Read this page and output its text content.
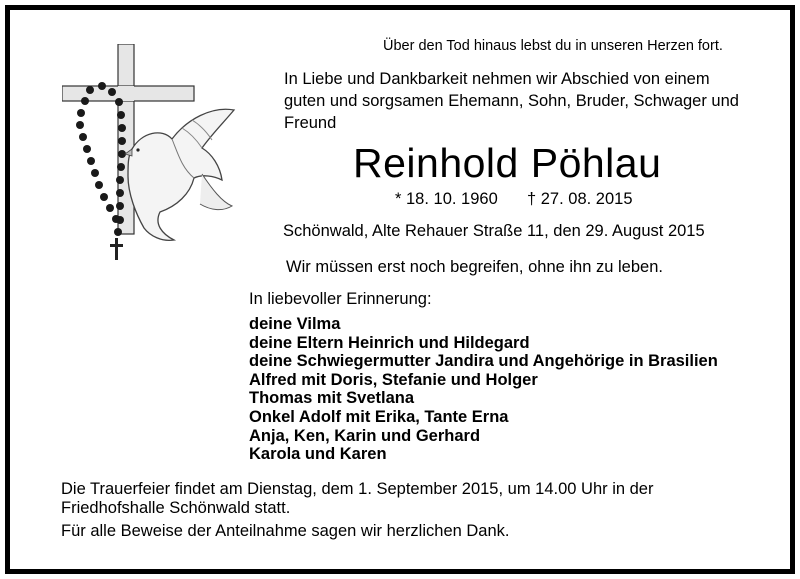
Über den Tod hinaus lebst du in unseren Herzen fort.
In Liebe und Dankbarkeit nehmen wir Abschied von einem guten und sorgsamen Ehemann, Sohn, Bruder, Schwager und Freund
Reinhold Pöhlau
* 18. 10. 1960 † 27. 08. 2015
Schönwald, Alte Rehauer Straße 11, den 29. August 2015
Wir müssen erst noch begreifen, ohne ihn zu leben.
In liebevoller Erinnerung:
deine Vilma
deine Eltern Heinrich und Hildegard
deine Schwiegermutter Jandira und Angehörige in Brasilien
Alfred mit Doris, Stefanie und Holger
Thomas mit Svetlana
Onkel Adolf mit Erika, Tante Erna
Anja, Ken, Karin und Gerhard
Karola und Karen
Die Trauerfeier findet am Dienstag, dem 1. September 2015, um 14.00 Uhr in der Friedhofshalle Schönwald statt.
Für alle Beweise der Anteilnahme sagen wir herzlichen Dank.
